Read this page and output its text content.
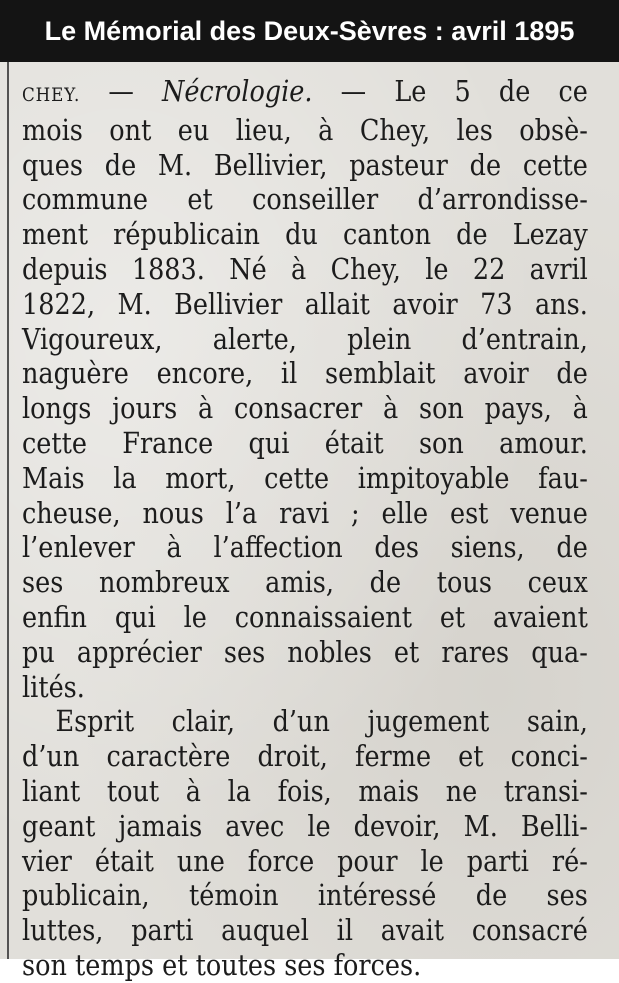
Le Mémorial des Deux-Sèvres : avril 1895
CHEY. — Nécrologie. — Le 5 de ce
mois ont eu lieu, à Chey, les obsè-
ques de M. Bellivier, pasteur de cette
commune et conseiller d’arrondisse-
ment républicain du canton de Lezay
depuis 1883. Né à Chey, le 22 avril
1822, M. Bellivier allait avoir 73 ans.
Vigoureux, alerte, plein d’entrain,
naguère encore, il semblait avoir de
longs jours à consacrer à son pays, à
cette France qui était son amour.
Mais la mort, cette impitoyable fau-
cheuse, nous l’a ravi ; elle est venue
l’enlever à l’affection des siens, de
ses nombreux amis, de tous ceux
enfin qui le connaissaient et avaient
pu apprécier ses nobles et rares qua-
lités.
Esprit clair, d’un jugement sain,
d’un caractère droit, ferme et conci-
liant tout à la fois, mais ne transi-
geant jamais avec le devoir, M. Belli-
vier était une force pour le parti ré-
publicain, témoin intéressé de ses
luttes, parti auquel il avait consacré
son temps et toutes ses forces.
